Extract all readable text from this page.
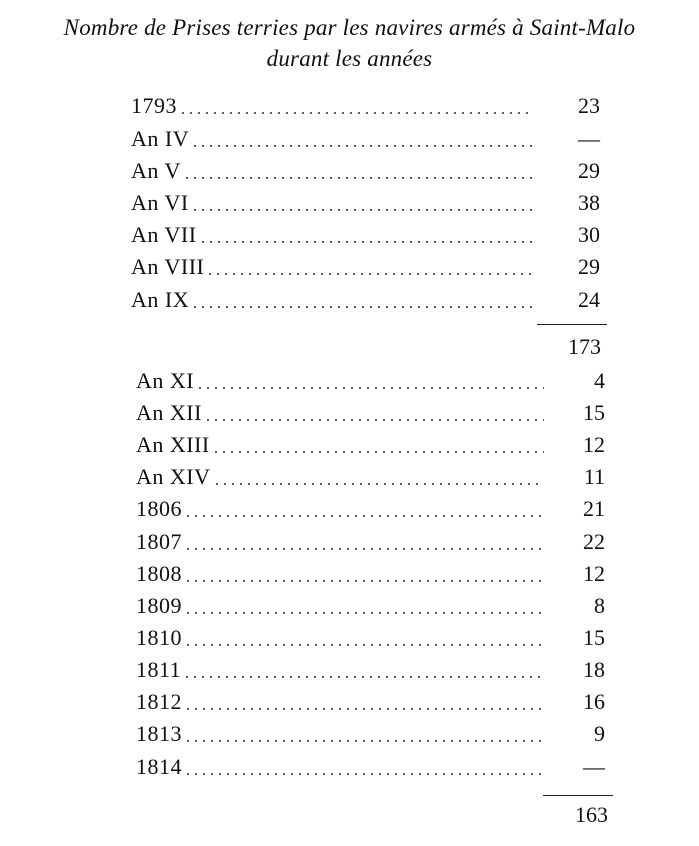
Nombre de Prises terries par les navires armés à Saint-Malo
durant les années
1793	23
An IV	—
An V	29
An VI	38
An VII	30
An VIII	29
An IX	24
173
An XI	4
An XII	15
An XIII	12
An XIV	11
1806	21
1807	22
1808	12
1809	8
1810	15
1811	18
1812	16
1813	9
1814	—
163
